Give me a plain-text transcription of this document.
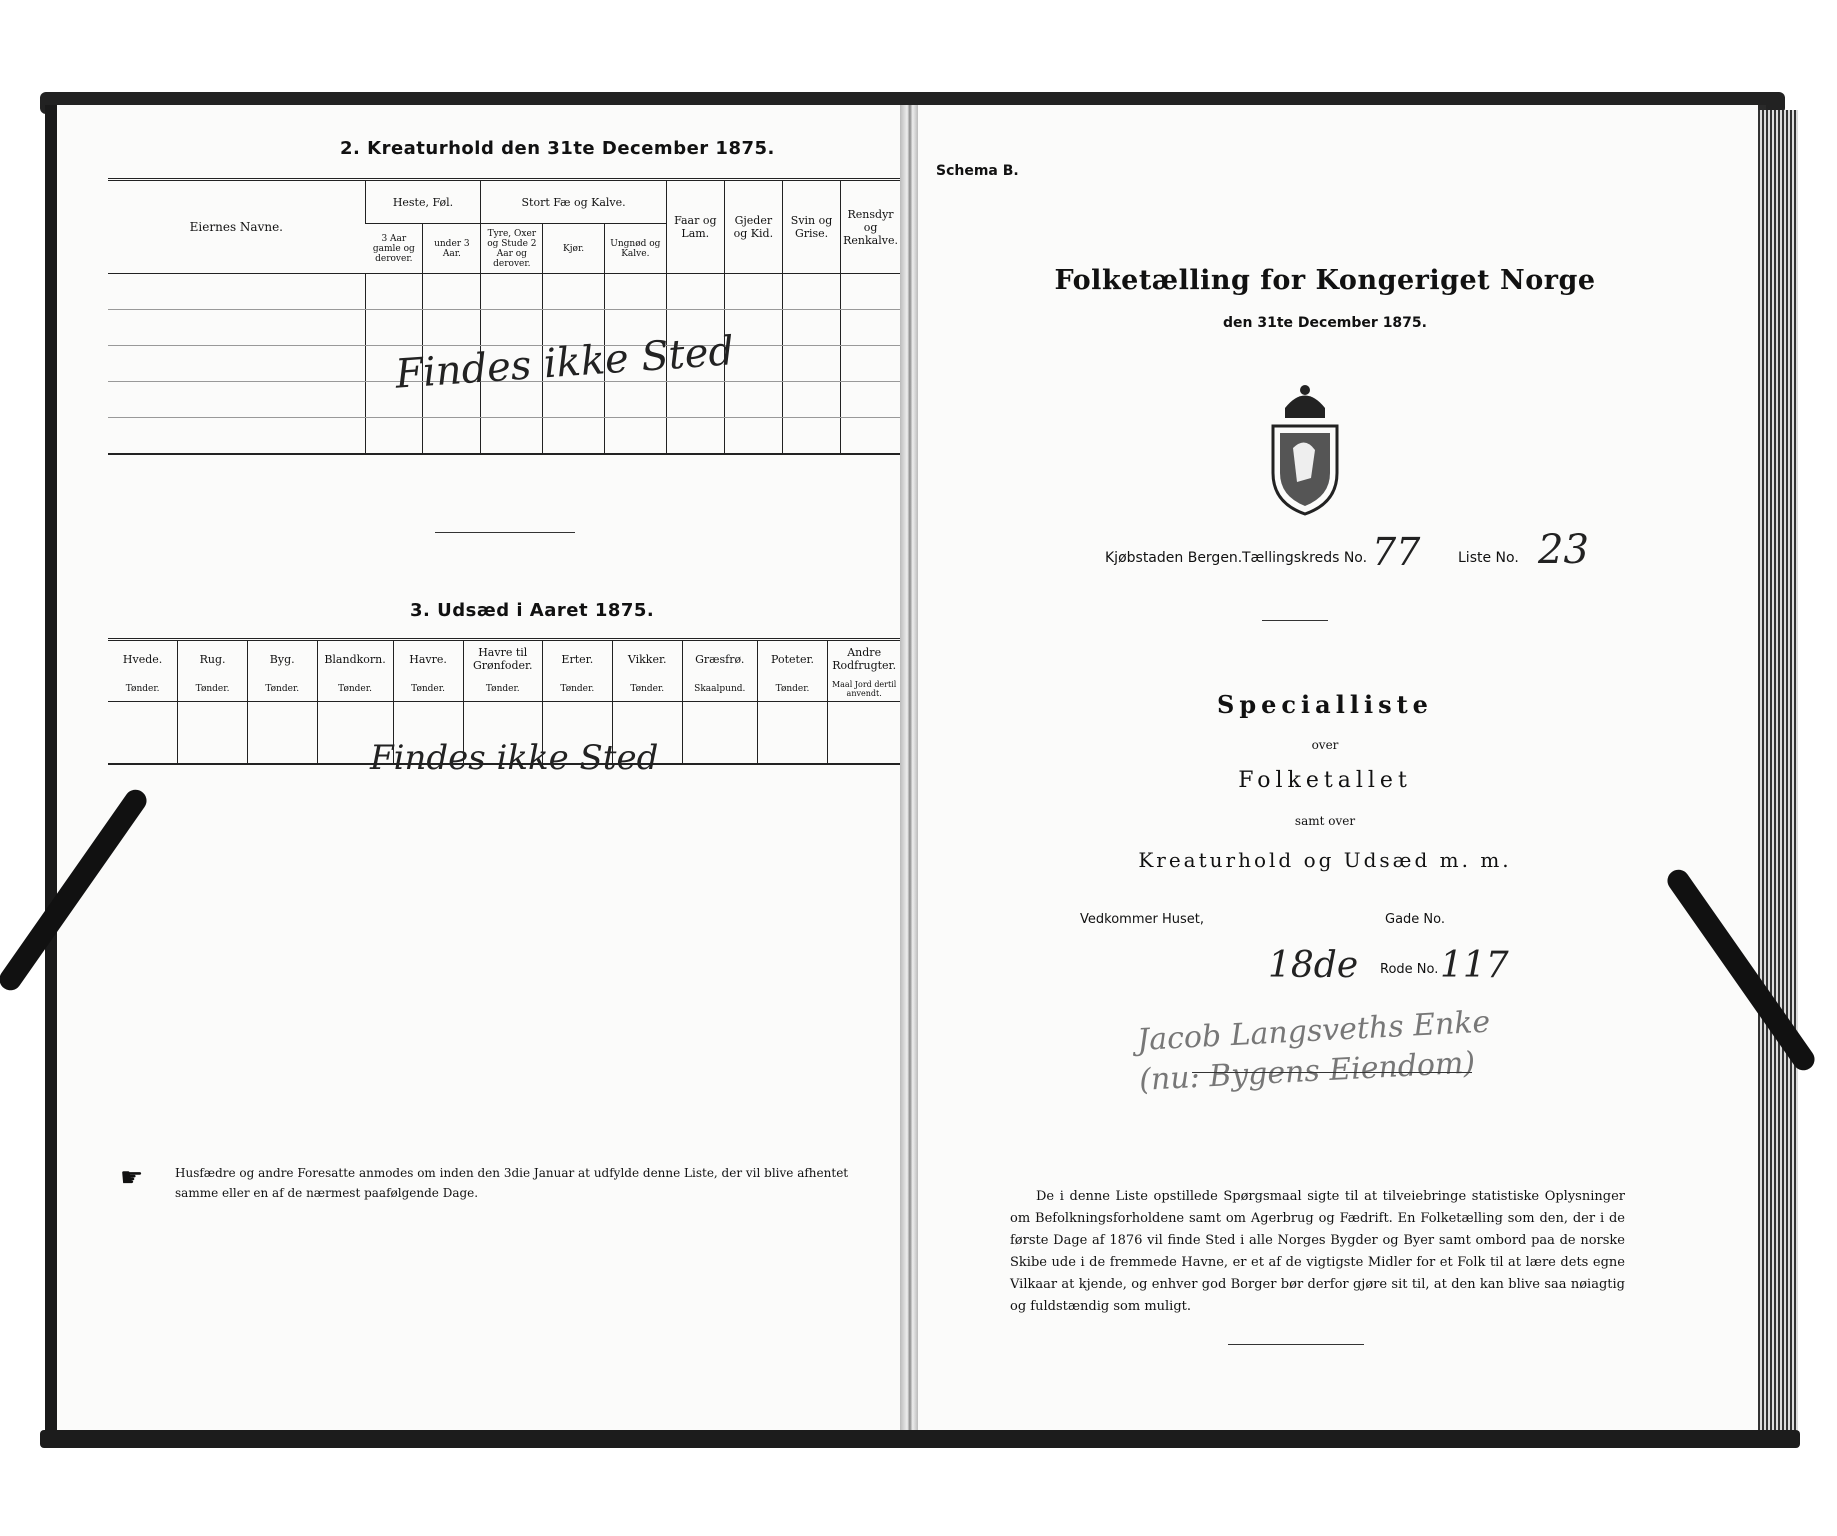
2. Kreaturhold den 31te December 1875.
Eiernes Navne.	Heste, Føl.		Stort Fæ og Kalve.			Faar og Lam.	Gjeder og Kid.	Svin og Grise.	Rensdyr og Renkalve.
	3 Aar gamle og derover.	under 3 Aar.	Tyre, Oxer og Stude 2 Aar og derover.	Kjør.	Ungnød og Kalve.				

Findes ikke Sted
3. Udsæd i Aaret 1875.
Hvede.	Rug.	Byg.	Blandkorn.	Havre.	Havre til Grønfoder.	Erter.	Vikker.	Græsfrø.	Poteter.	Andre Rodfrugter.
Tønder.	Tønder.	Tønder.	Tønder.	Tønder.	Tønder.	Tønder.	Tønder.	Skaalpund.	Tønder.	Maal Jord dertil anvendt.

Findes ikke Sted
☛	Husfædre og andre Foresatte anmodes om inden den 3die Januar at udfylde denne Liste, der vil blive afhentet samme eller en af de nærmest paafølgende Dage.
Schema B.
Folketælling for Kongeriget Norge
den 31te December 1875.
Kjøbstaden Bergen. Tællingskreds No. 77	Liste No. 23
Specialliste
over
Folketallet
samt over
Kreaturhold og Udsæd m. m.
Vedkommer Huset,	Gade No.
18de Rode No. 117
Jacob Langsveths Enke (nu: Bygens Eiendom)
De i denne Liste opstillede Spørgsmaal sigte til at tilveiebringe statistiske Oplysninger om Befolkningsforholdene samt om Agerbrug og Fædrift. En Folketælling som den, der i de første Dage af 1876 vil finde Sted i alle Norges Bygder og Byer samt ombord paa de norske Skibe ude i de fremmede Havne, er et af de vigtigste Midler for et Folk til at lære dets egne Vilkaar at kjende, og enhver god Borger bør derfor gjøre sit til, at den kan blive saa nøiagtig og fuldstændig som muligt.
